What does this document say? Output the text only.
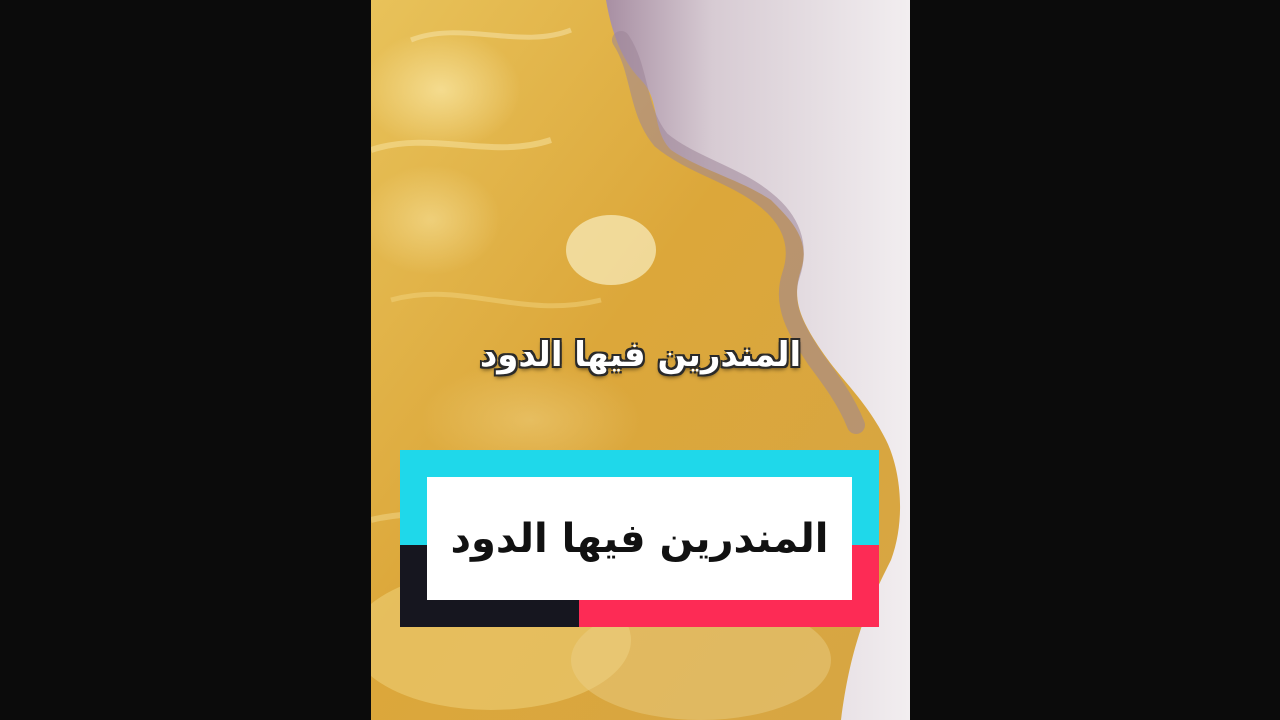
المندرين فيها الدود
المندرين فيها الدود
